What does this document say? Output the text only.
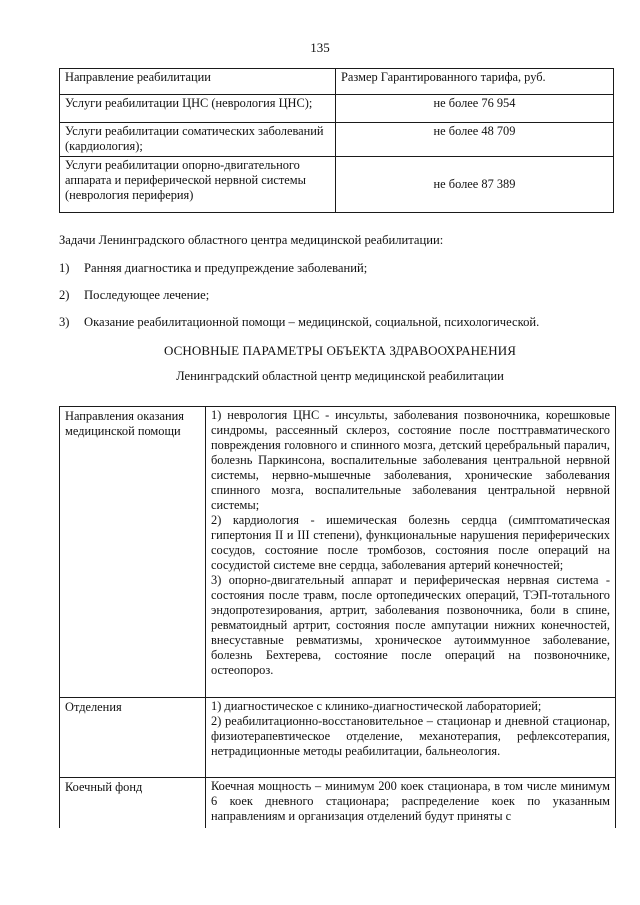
135
Направление реабилитации	Размер Гарантированного тарифа, руб.
Услуги реабилитации ЦНС (неврология ЦНС);	не более 76 954
Услуги реабилитации соматических заболеваний (кардиология);	не более 48 709
Услуги реабилитации опорно-двигательного аппарата и периферической нервной системы (неврология периферия)	не более 87 389
Задачи Ленинградского областного центра медицинской реабилитации:
1) Ранняя диагностика и предупреждение заболеваний;
2) Последующее лечение;
3) Оказание реабилитационной помощи – медицинской, социальной, психологической.
ОСНОВНЫЕ ПАРАМЕТРЫ ОБЪЕКТА ЗДРАВООХРАНЕНИЯ
Ленинградский областной центр медицинской реабилитации
Направления оказания медицинской помощи	1) неврология ЦНС - инсульты, заболевания позвоночника, корешковые синдромы, рассеянный склероз, состояние после посттравматического повреждения головного и спинного мозга, детский церебральный паралич, болезнь Паркинсона, воспалительные заболевания центральной нервной системы, нервно-мышечные заболевания, хронические заболевания спинного мозга, воспалительные заболевания центральной нервной системы;
2) кардиология - ишемическая болезнь сердца (симптоматическая гипертония II и III степени), функциональные нарушения периферических сосудов, состояние после тромбозов, состояния после операций на сосудистой системе вне сердца, заболевания артерий конечностей;
3) опорно-двигательный аппарат и периферическая нервная система - состояния после травм, после ортопедических операций, ТЭП-тотального эндопротезирования, артрит, заболевания позвоночника, боли в спине, ревматоидный артрит, состояния после ампутации нижних конечностей, внесуставные ревматизмы, хроническое аутоиммунное заболевание, болезнь Бехтерева, состояние после операций на позвоночнике, остеопороз.

Отделения	1) диагностическое с клинико-диагностической лабораторией;
2) реабилитационно-восстановительное – стационар и дневной стационар, физиотерапевтическое отделение, механотерапия, рефлексотерапия, нетрадиционные методы реабилитации, бальнеология.

Коечный фонд	Коечная мощность – минимум 200 коек стационара, в том числе минимум 6 коек дневного стационара; распределение коек по указанным направлениям и организация отделений будут приняты с
